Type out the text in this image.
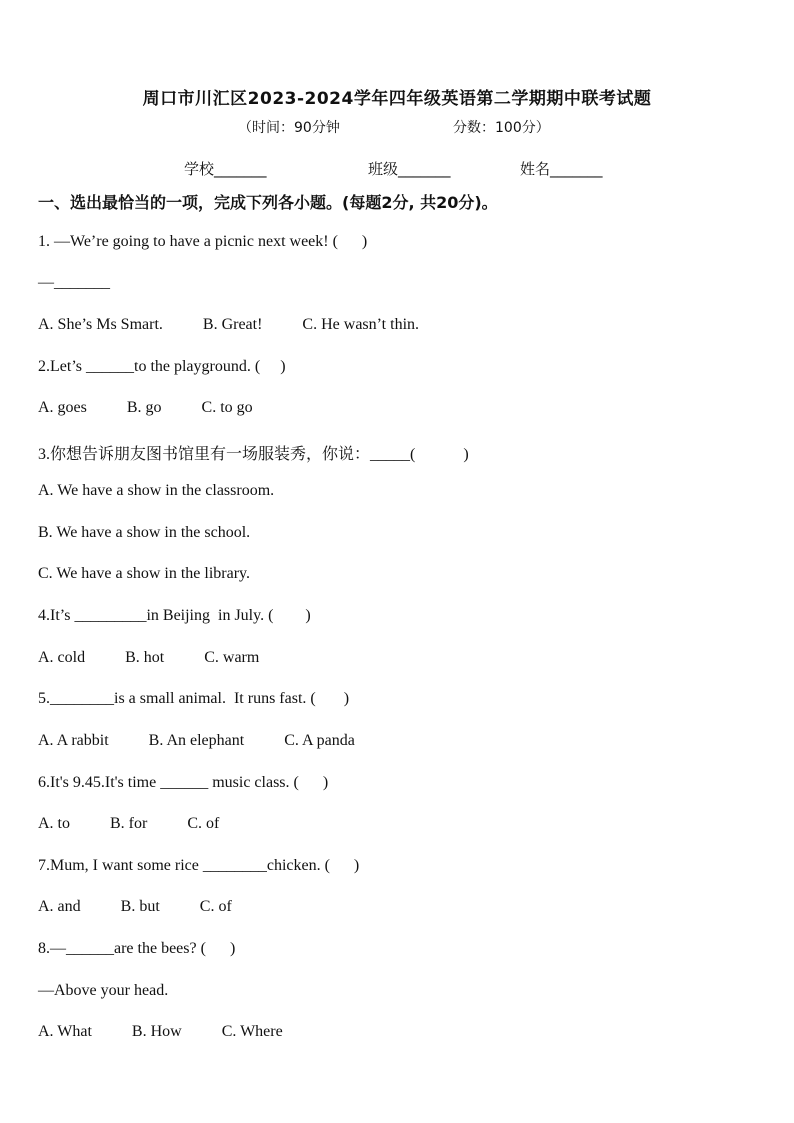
周口市川汇区2023-2024学年四年级英语第二学期期中联考试题
（时间：90分钟	分数：100分）
学校_______	班级_______	姓名_______
一、选出最恰当的一项，完成下列各小题。(每题2分, 共20分)。
1. —We’re going to have a picnic next week! (      )
—_______
A. She’s Ms Smart.          B. Great!          C. He wasn’t thin.
2.Let’s ______to the playground. (     )
A. goes          B. go          C. to go
3.你想告诉朋友图书馆里有一场服装秀，你说：_____(            )
A. We have a show in the classroom.
B. We have a show in the school.
C. We have a show in the library.
4.It’s _________in Beijing  in July. (        )
A. cold          B. hot          C. warm
5.________is a small animal.  It runs fast. (       )
A. A rabbit          B. An elephant          C. A panda
6.It's 9.45.It's time ______ music class. (      )
A. to          B. for          C. of
7.Mum, I want some rice ________chicken. (      )
A. and          B. but          C. of
8.—______are the bees? (      )
—Above your head.
A. What          B. How          C. Where
